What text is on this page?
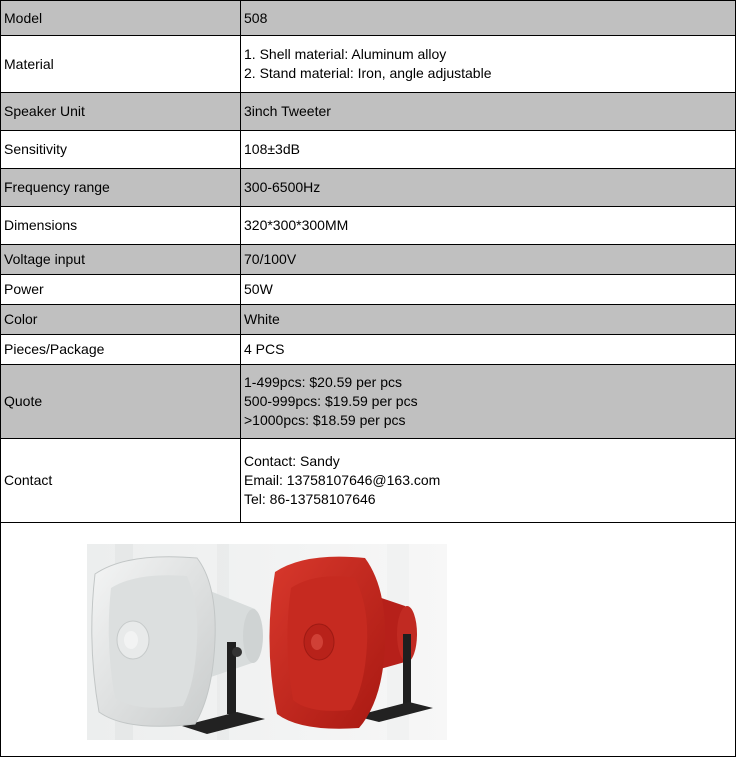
Model	508

Material	1. Shell material: Aluminum alloy
2. Stand material: Iron, angle adjustable

Speaker Unit	3inch Tweeter

Sensitivity	108±3dB

Frequency range	300-6500Hz

Dimensions	320*300*300MM

Voltage input	70/100V

Power	50W

Color	White

Pieces/Package	4 PCS

Quote	1-499pcs: $20.59 per pcs
500-999pcs: $19.59 per pcs
>1000pcs: $18.59 per pcs

Contact	Contact: Sandy
Email: 13758107646@163.com
Tel: 86-13758107646
